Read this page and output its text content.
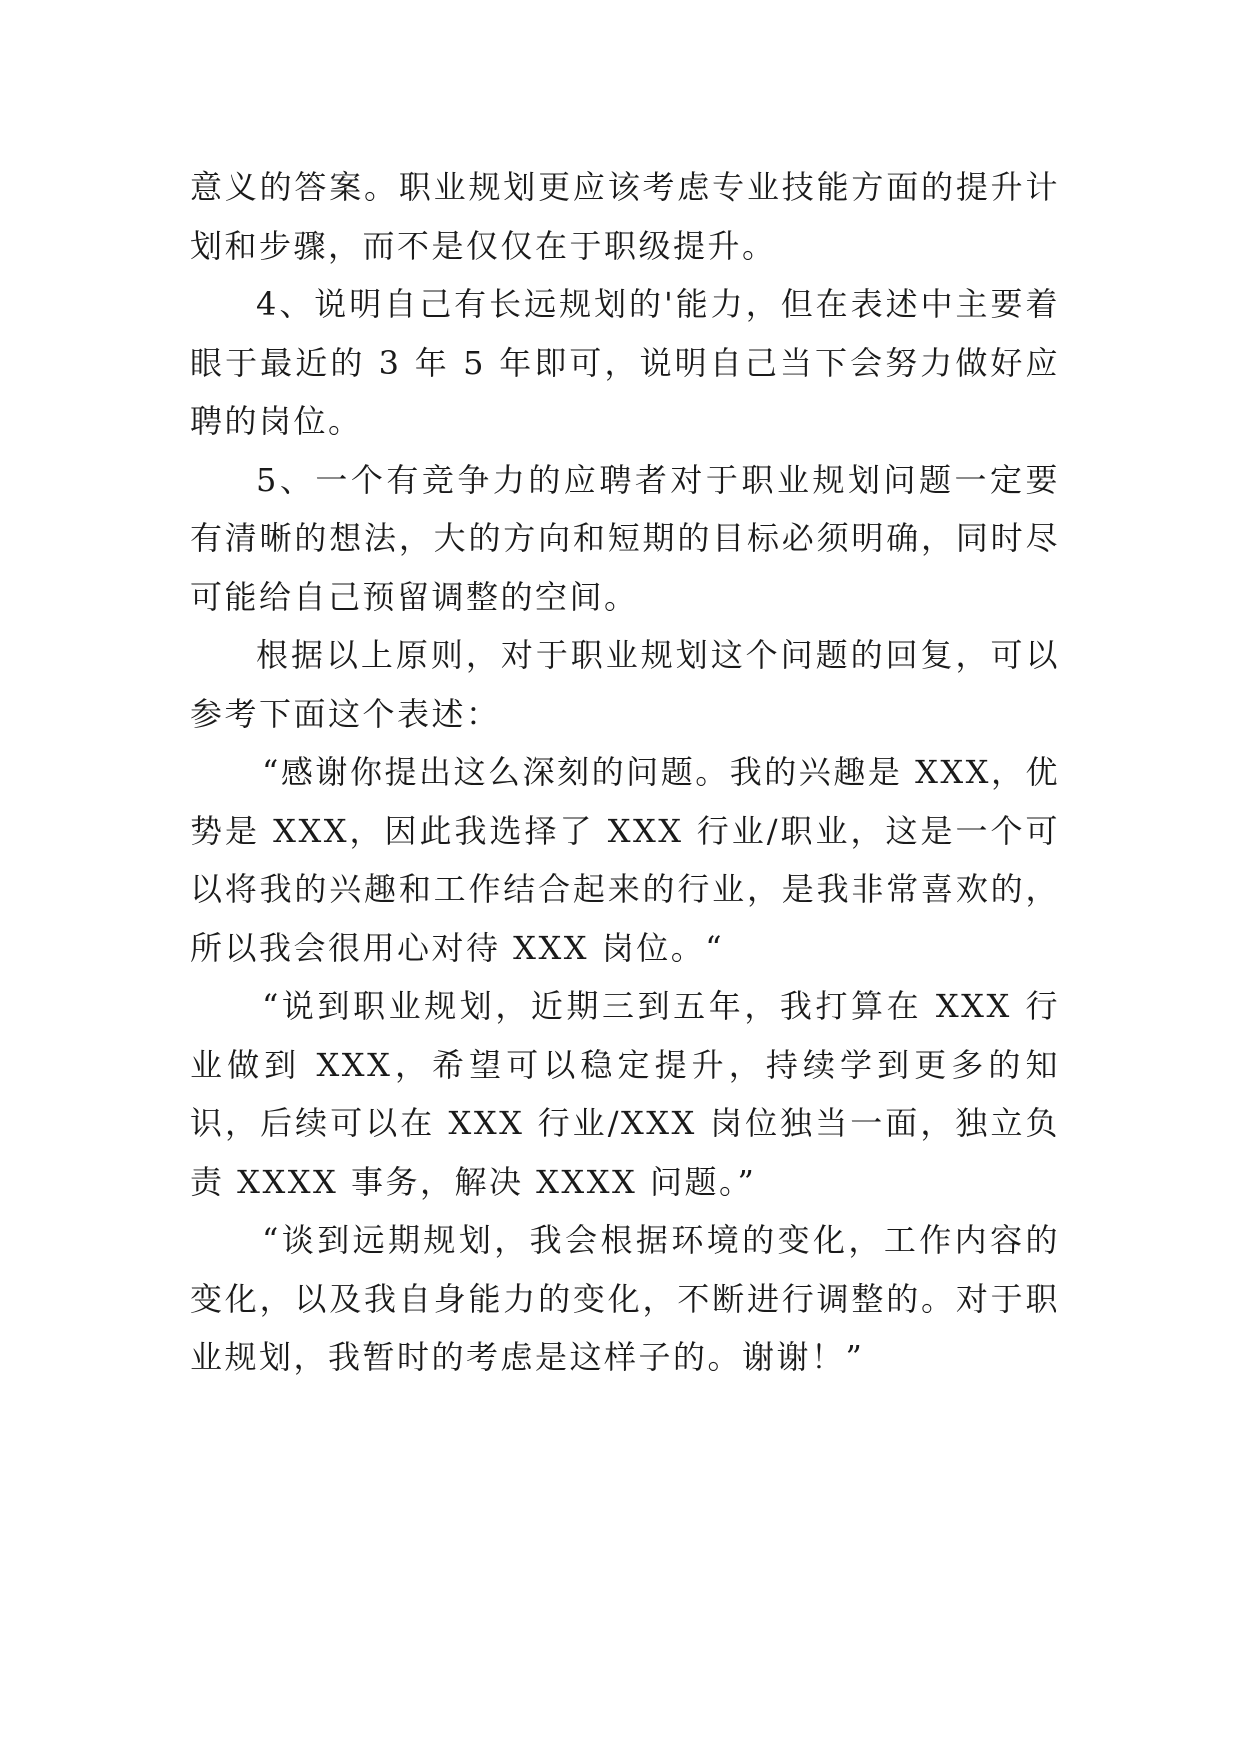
意义的答案。职业规划更应该考虑专业技能方面的提升计划和步骤，而不是仅仅在于职级提升。

4、说明自己有长远规划的'能力，但在表述中主要着眼于最近的 3 年 5 年即可，说明自己当下会努力做好应聘的岗位。

5、一个有竞争力的应聘者对于职业规划问题一定要有清晰的想法，大的方向和短期的目标必须明确，同时尽可能给自己预留调整的空间。

根据以上原则，对于职业规划这个问题的回复，可以参考下面这个表述：

“感谢你提出这么深刻的问题。我的兴趣是 XXX，优势是 XXX，因此我选择了 XXX 行业/职业，这是一个可以将我的兴趣和工作结合起来的行业，是我非常喜欢的，所以我会很用心对待 XXX 岗位。“

“说到职业规划，近期三到五年，我打算在 XXX 行业做到 XXX，希望可以稳定提升，持续学到更多的知识，后续可以在 XXX 行业/XXX 岗位独当一面，独立负责 XXXX 事务，解决 XXXX 问题。”

“谈到远期规划，我会根据环境的变化，工作内容的变化，以及我自身能力的变化，不断进行调整的。对于职业规划，我暂时的考虑是这样子的。谢谢！”
